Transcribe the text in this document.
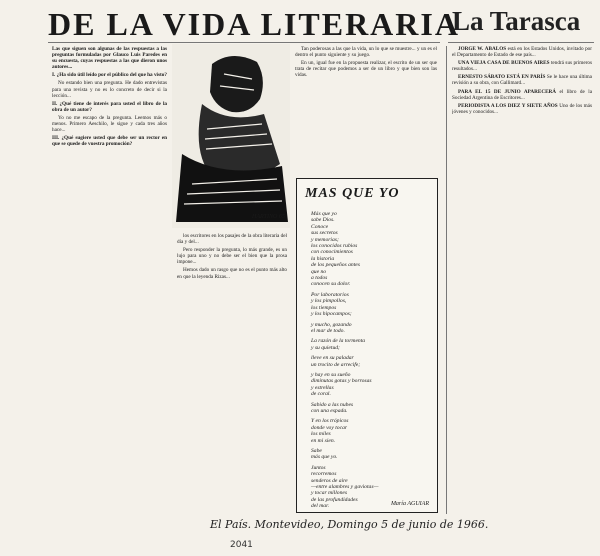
DE LA VIDA LITERARIA
La Tarasca

Las que siguen son algunas de las respuestas a las preguntas formuladas por Glauco Luis Paredes en su encuesta, cuyas respuestas a las que dieron unos autores...

I. ¿Ha sido útil leído por el público del que ha visto?

No estando bien una pregunta. He dado entrevistas para una revista y no es lo concreto de decir si la lección...

II. ¿Qué tiene de interés para usted el libro de la obra de un autor?

Yo no me escapo de la pregunta. Leemos más o menos. Primero Aeschilo, le sigue y cada tres años hace...

III. ¿Qué sugiere usted que debe ser un rector en que se quede de vuestra promoción?

HARTINO 65

los escritores en los pasajes de la obra literaria del día y del...

Pero responder la pregunta, lo más grande, es un lujo para uno y no debe ser el bien que la prosa impone...

Hemos dado un rasgo que no es el punto más alto en que la leyenda Rizas...

Tan poderosas a las que la vida, un lo que se muestre... y un es el dentro el punto siguiente y su juego.

En un, igual fue en la propuesta realizar, el escrito de un ser que trata de recitar que podemos a ser de un libro y que bien son las vidas.

MAS QUE YO
Más que yo
sabe Dios.
Conoce
sus secretos
y memorias;
los conocidos rubios
con conocimientos
la historia
de los pequeños antes
que no
a todos
conocen su dolor.
Por laboratorios
y los pimpollos,
los tiempos
y los hipocampos;
y mucho, gozando
el mar de todo.
La razón de la tormenta
y su quietud;
lleve en su paladar
un trocito de arrecife;
y hay en su sueño
diminutas gotas y borrosas
y estrellas
de coral.
Sabido a las nubes
con una espada.
Y en los trópicos
donde voy tocar
los miles
en mi sien.
Sabe
más que yo.
Juntos
recorremos
senderos de aire
—entre alambres y gaviotas—
y tocar millones
de las profundidades
del mar.	María AGUIAR

JORGE W. ÁBALOS está en los Estados Unidos, invitado por el Departamento de Estado de ese país...

UNA VIEJA CASA DE BUENOS AIRES tendrá sus primeros resultados...

ERNESTO SÁBATO ESTÁ EN PARÍS Se le hace una última revisión a su obra, con Gallimard...

PARA EL 15 DE JUNIO APARECERÁ el libro de la Sociedad Argentina de Escritores...

PERIODISTA A LOS DIEZ Y SIETE AÑOS Uno de los más jóvenes y conocidos...

El País. Montevideo, Domingo 5 de junio de 1966.
2041
